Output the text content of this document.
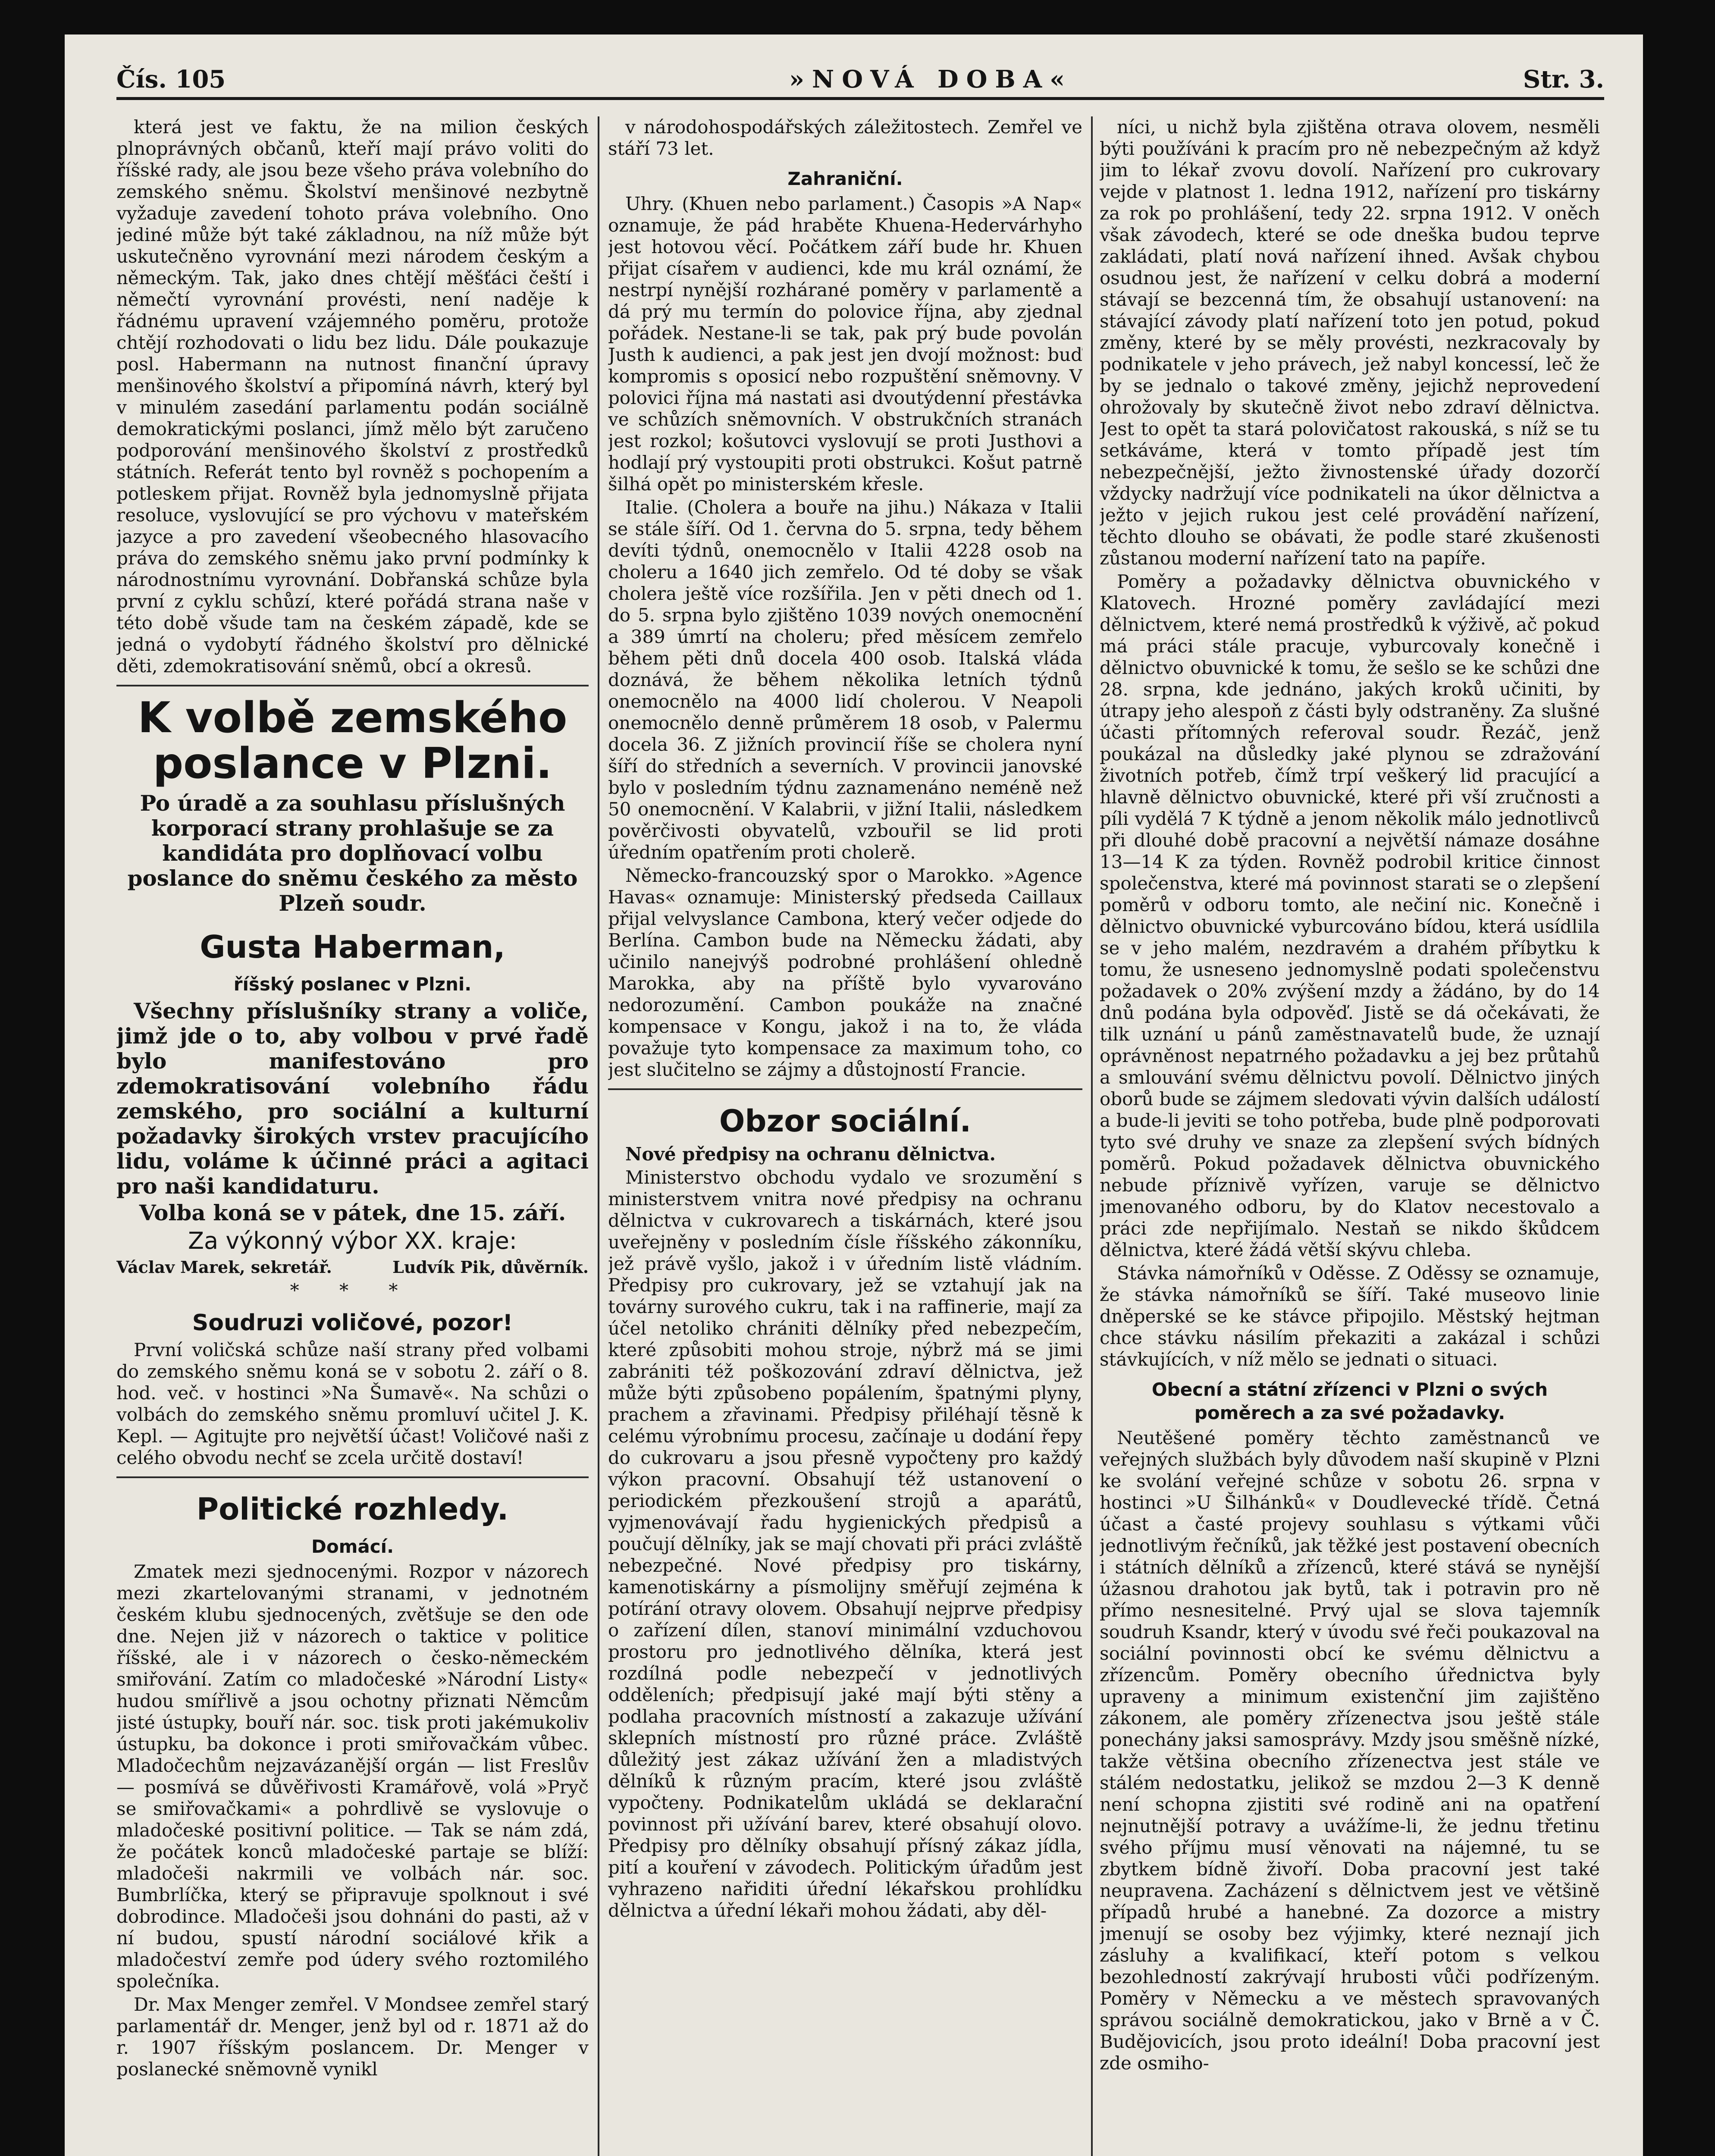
Čís. 105	»NOVÁ DOBA«	Str. 3.

která jest ve faktu, že na milion českých plnoprávných občanů, kteří mají právo voliti do říšské rady, ale jsou beze všeho práva volebního do zemského sněmu. Školství menšinové nezbytně vyžaduje zavedení tohoto práva volebního. Ono jediné může být také základnou, na níž může být uskutečněno vyrovnání mezi národem českým a německým. Tak, jako dnes chtějí měšťáci čeští i němečtí vyrovnání provésti, není naděje k řádnému upravení vzájemného poměru, protože chtějí rozhodovati o lidu bez lidu. Dále poukazuje posl. Habermann na nutnost finanční úpravy menšinového školství a připomíná návrh, který byl v minulém zasedání parlamentu podán sociálně demokratickými poslanci, jímž mělo být zaručeno podporování menšinového školství z prostředků státních. Referát tento byl rovněž s pochopením a potleskem přijat. Rovněž byla jednomyslně přijata resoluce, vyslovující se pro výchovu v mateřském jazyce a pro zavedení všeobecného hlasovacího práva do zemského sněmu jako první podmínky k národnostnímu vyrovnání. Dobřanská schůze byla první z cyklu schůzí, které pořádá strana naše v této době všude tam na českém západě, kde se jedná o vydobytí řádného školství pro dělnické děti, zdemokratisování sněmů, obcí a okresů.

K volbě zemského poslance v Plzni.

Po úradě a za souhlasu příslušných korporací strany prohlašuje se za kandidáta pro doplňovací volbu poslance do sněmu českého za město Plzeň soudr.

Gusta Haberman,
říšský poslanec v Plzni.

Všechny příslušníky strany a voliče, jimž jde o to, aby volbou v prvé řadě bylo manifestováno pro zdemokratisování volebního řádu zemského, pro sociální a kulturní požadavky širokých vrstev pracujícího lidu, voláme k účinné práci a agitaci pro naši kandidaturu.

Volba koná se v pátek, dne 15. září.

Za výkonný výbor XX. kraje:

Václav Marek, sekretář.	Ludvík Pik, důvěrník.
* * *
Soudruzi voličové, pozor!

První voličská schůze naší strany před volbami do zemského sněmu koná se v sobotu 2. září o 8. hod. več. v hostinci »Na Šumavě«. Na schůzi o volbách do zemského sněmu promluví učitel J. K. Kepl. — Agitujte pro největší účast! Voličové naši z celého obvodu nechť se zcela určitě dostaví!

Politické rozhledy.
Domácí.

Zmatek mezi sjednocenými. Rozpor v názorech mezi zkartelovanými stranami, v jednotném českém klubu sjednocených, zvětšuje se den ode dne. Nejen již v názorech o taktice v politice říšské, ale i v názorech o česko-německém smiřování. Zatím co mladočeské »Národní Listy« hudou smířlivě a jsou ochotny přiznati Němcům jisté ústupky, bouří nár. soc. tisk proti jakémukoliv ústupku, ba dokonce i proti smiřovačkám vůbec. Mladočechům nejzavázanější orgán — list Freslův — posmívá se důvěřivosti Kramářově, volá »Pryč se smiřovačkami« a pohrdlivě se vyslovuje o mladočeské positivní politice. — Tak se nám zdá, že počátek konců mladočeské partaje se blíží: mladočeši nakrmili ve volbách nár. soc. Bumbrlíčka, který se připravuje spolknout i své dobrodince. Mladočeši jsou dohnáni do pasti, až v ní budou, spustí národní sociálové křik a mladočeství zemře pod údery svého roztomilého společníka.

Dr. Max Menger zemřel. V Mondsee zemřel starý parlamentář dr. Menger, jenž byl od r. 1871 až do r. 1907 říšským poslancem. Dr. Menger v poslanecké sněmovně vynikl

v národohospodářských záležitostech. Zemřel ve stáří 73 let.

Zahraniční.

Uhry. (Khuen nebo parlament.) Časopis »A Nap« oznamuje, že pád hraběte Khuena-Hedervárhyho jest hotovou věcí. Počátkem září bude hr. Khuen přijat císařem v audienci, kde mu král oznámí, že nestrpí nynější rozhárané poměry v parlamentě a dá prý mu termín do polovice října, aby zjednal pořádek. Nestane-li se tak, pak prý bude povolán Justh k audienci, a pak jest jen dvojí možnost: buď kompromis s oposicí nebo rozpuštění sněmovny. V polovici října má nastati asi dvoutýdenní přestávka ve schůzích sněmovních. V obstrukčních stranách jest rozkol; košutovci vyslovují se proti Justhovi a hodlají prý vystoupiti proti obstrukci. Košut patrně šilhá opět po ministerském křesle.

Italie. (Cholera a bouře na jihu.) Nákaza v Italii se stále šíří. Od 1. června do 5. srpna, tedy během devíti týdnů, onemocnělo v Italii 4228 osob na choleru a 1640 jich zemřelo. Od té doby se však cholera ještě více rozšířila. Jen v pěti dnech od 1. do 5. srpna bylo zjištěno 1039 nových onemocnění a 389 úmrtí na choleru; před měsícem zemřelo během pěti dnů docela 400 osob. Italská vláda doznává, že během několika letních týdnů onemocnělo na 4000 lidí cholerou. V Neapoli onemocnělo denně průměrem 18 osob, v Palermu docela 36. Z jižních provincií říše se cholera nyní šíří do středních a severních. V provincii janovské bylo v posledním týdnu zaznamenáno neméně než 50 onemocnění. V Kalabrii, v jižní Italii, následkem pověrčivosti obyvatelů, vzbouřil se lid proti úředním opatřením proti cholerě.

Německo-francouzský spor o Marokko. »Agence Havas« oznamuje: Ministerský předseda Caillaux přijal velvyslance Cambona, který večer odjede do Berlína. Cambon bude na Německu žádati, aby učinilo nanejvýš podrobné prohlášení ohledně Marokka, aby na příště bylo vyvarováno nedorozumění. Cambon poukáže na značné kompensace v Kongu, jakož i na to, že vláda považuje tyto kompensace za maximum toho, co jest slučitelno se zájmy a důstojností Francie.

Obzor sociální.

Nové předpisy na ochranu dělnictva.

Ministerstvo obchodu vydalo ve srozumění s ministerstvem vnitra nové předpisy na ochranu dělnictva v cukrovarech a tiskárnách, které jsou uveřejněny v posledním čísle říšského zákonníku, jež právě vyšlo, jakož i v úředním listě vládním. Předpisy pro cukrovary, jež se vztahují jak na továrny surového cukru, tak i na raffinerie, mají za účel netoliko chrániti dělníky před nebezpečím, které způsobiti mohou stroje, nýbrž má se jimi zabrániti též poškozování zdraví dělnictva, jež může býti způsobeno popálením, špatnými plyny, prachem a zřavinami. Předpisy přiléhají těsně k celému výrobnímu procesu, začínaje u dodání řepy do cukrovaru a jsou přesně vypočteny pro každý výkon pracovní. Obsahují též ustanovení o periodickém přezkoušení strojů a aparátů, vyjmenovávají řadu hygienických předpisů a poučují dělníky, jak se mají chovati při práci zvláště nebezpečné. Nové předpisy pro tiskárny, kamenotiskárny a písmolijny směřují zejména k potírání otravy olovem. Obsahují nejprve předpisy o zařízení dílen, stanoví minimální vzduchovou prostoru pro jednotlivého dělníka, která jest rozdílná podle nebezpečí v jednotlivých odděleních; předpisují jaké mají býti stěny a podlaha pracovních místností a zakazuje užívání sklepních místností pro různé práce. Zvláště důležitý jest zákaz užívání žen a mladistvých dělníků k různým pracím, které jsou zvláště vypočteny. Podnikatelům ukládá se deklarační povinnost při užívání barev, které obsahují olovo. Předpisy pro dělníky obsahují přísný zákaz jídla, pití a kouření v závodech. Politickým úřadům jest vyhrazeno nařiditi úřední lékařskou prohlídku dělnictva a úřední lékaři mohou žádati, aby děl-

níci, u nichž byla zjištěna otrava olovem, nesměli býti používáni k pracím pro ně nebezpečným až když jim to lékař zvovu dovolí. Nařízení pro cukrovary vejde v platnost 1. ledna 1912, nařízení pro tiskárny za rok po prohlášení, tedy 22. srpna 1912. V oněch však závodech, které se ode dneška budou teprve zakládati, platí nová nařízení ihned. Avšak chybou osudnou jest, že nařízení v celku dobrá a moderní stávají se bezcenná tím, že obsahují ustanovení: na stávající závody platí nařízení toto jen potud, pokud změny, které by se měly provésti, nezkracovaly by podnikatele v jeho právech, jež nabyl koncessí, leč že by se jednalo o takové změny, jejichž neprovedení ohrožovaly by skutečně život nebo zdraví dělnictva. Jest to opět ta stará polovičatost rakouská, s níž se tu setkáváme, která v tomto případě jest tím nebezpečnější, ježto živnostenské úřady dozorčí vždycky nadržují více podnikateli na úkor dělnictva a ježto v jejich rukou jest celé provádění nařízení, těchto dlouho se obávati, že podle staré zkušenosti zůstanou moderní nařízení tato na papíře.

Poměry a požadavky dělnictva obuvnického v Klatovech. Hrozné poměry zavládající mezi dělnictvem, které nemá prostředků k výživě, ač pokud má práci stále pracuje, vyburcovaly konečně i dělnictvo obuvnické k tomu, že sešlo se ke schůzi dne 28. srpna, kde jednáno, jakých kroků učiniti, by útrapy jeho alespoň z části byly odstraněny. Za slušné účasti přítomných referoval soudr. Řezáč, jenž poukázal na důsledky jaké plynou se zdražování životních potřeb, čímž trpí veškerý lid pracující a hlavně dělnictvo obuvnické, které při vší zručnosti a píli vydělá 7 K týdně a jenom několik málo jednotlivců při dlouhé době pracovní a největší námaze dosáhne 13—14 K za týden. Rovněž podrobil kritice činnost společenstva, které má povinnost starati se o zlepšení poměrů v odboru tomto, ale nečiní nic. Konečně i dělnictvo obuvnické vyburcováno bídou, která usídlila se v jeho malém, nezdravém a drahém příbytku k tomu, že usneseno jednomyslně podati společenstvu požadavek o 20% zvýšení mzdy a žádáno, by do 14 dnů podána byla odpověď. Jistě se dá očekávati, že tilk uznání u pánů zaměstnavatelů bude, že uznají oprávněnost nepatrného požadavku a jej bez průtahů a smlouvání svému dělnictvu povolí. Dělnictvo jiných oborů bude se zájmem sledovati vývin dalších událostí a bude-li jeviti se toho potřeba, bude plně podporovati tyto své druhy ve snaze za zlepšení svých bídných poměrů. Pokud požadavek dělnictva obuvnického nebude příznivě vyřízen, varuje se dělnictvo jmenovaného odboru, by do Klatov necestovalo a práci zde nepřijímalo. Nestaň se nikdo škůdcem dělnictva, které žádá větší skývu chleba.

Stávka námořníků v Oděsse. Z Oděssy se oznamuje, že stávka námořníků se šíří. Také museovo linie dněperské se ke stávce připojilo. Městský hejtman chce stávku násilím překaziti a zakázal i schůzi stávkujících, v níž mělo se jednati o situaci.

Obecní a státní zřízenci v Plzni o svých poměrech a za své požadavky.

Neutěšené poměry těchto zaměstnanců ve veřejných službách byly důvodem naší skupině v Plzni ke svolání veřejné schůze v sobotu 26. srpna v hostinci »U Šilhánků« v Doudlevecké třídě. Četná účast a časté projevy souhlasu s výtkami vůči jednotlivým řečníků, jak těžké jest postavení obecních i státních dělníků a zřízenců, které stává se nynější úžasnou drahotou jak bytů, tak i potravin pro ně přímo nesnesitelné. Prvý ujal se slova tajemník soudruh Ksandr, který v úvodu své řeči poukazoval na sociální povinnosti obcí ke svému dělnictvu a zřízencům. Poměry obecního úřednictva byly upraveny a minimum existenční jim zajištěno zákonem, ale poměry zřízenectva jsou ještě stále ponechány jaksi samosprávy. Mzdy jsou směšně nízké, takže většina obecního zřízenectva jest stále ve stálém nedostatku, jelikož se mzdou 2—3 K denně není schopna zjistiti své rodině ani na opatření nejnutnější potravy a uvážíme-li, že jednu třetinu svého příjmu musí věnovati na nájemné, tu se zbytkem bídně živoří. Doba pracovní jest také neupravena. Zacházení s dělnictvem jest ve většině případů hrubé a hanebné. Za dozorce a mistry jmenují se osoby bez výjimky, které neznají jich zásluhy a kvalifikací, kteří potom s velkou bezohledností zakrývají hrubosti vůči podřízeným. Poměry v Německu a ve městech spravovaných správou sociálně demokratickou, jako v Brně a v Č. Budějovicích, jsou proto ideální! Doba pracovní jest zde osmiho-
